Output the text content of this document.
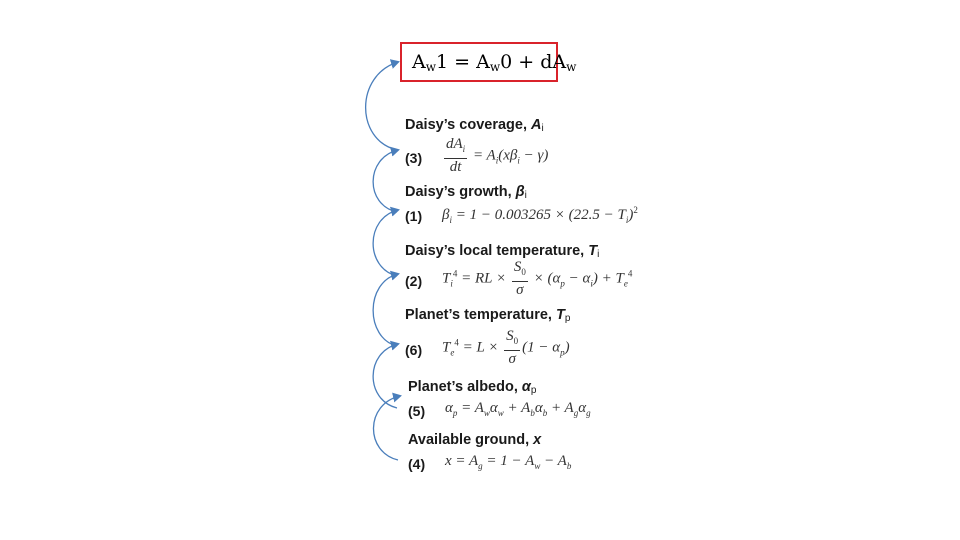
$A_w1 = A_w0 + dA_w$
Daisy’s coverage, $A_i$
$(3) \frac{dA_i}{dt} = A_i(x\beta_i - \gamma)$
Daisy’s growth, $\beta_i$
(1) $\beta_i = 1 - 0.003265 \times (22.5 - T_i)^2$
Daisy’s local temperature, $T_i$
(2) $T_i^4$ = RL × $\frac{S_0}{\sigma} \times (\alpha_p - \alpha_i) + T_e^4$
Planet’s temperature, $T_p$
(6) $T_e^4 = L \times \frac{S_0}{\sigma} (1 - \alpha_p)$
Planet’s albedo, $\alpha_p$
(5) $\alpha_p = A_w\alpha_w + A_b\alpha_b + A_g\alpha_g$
Available ground, x
(4) $x = A_g = 1 - A_w - A_b$
